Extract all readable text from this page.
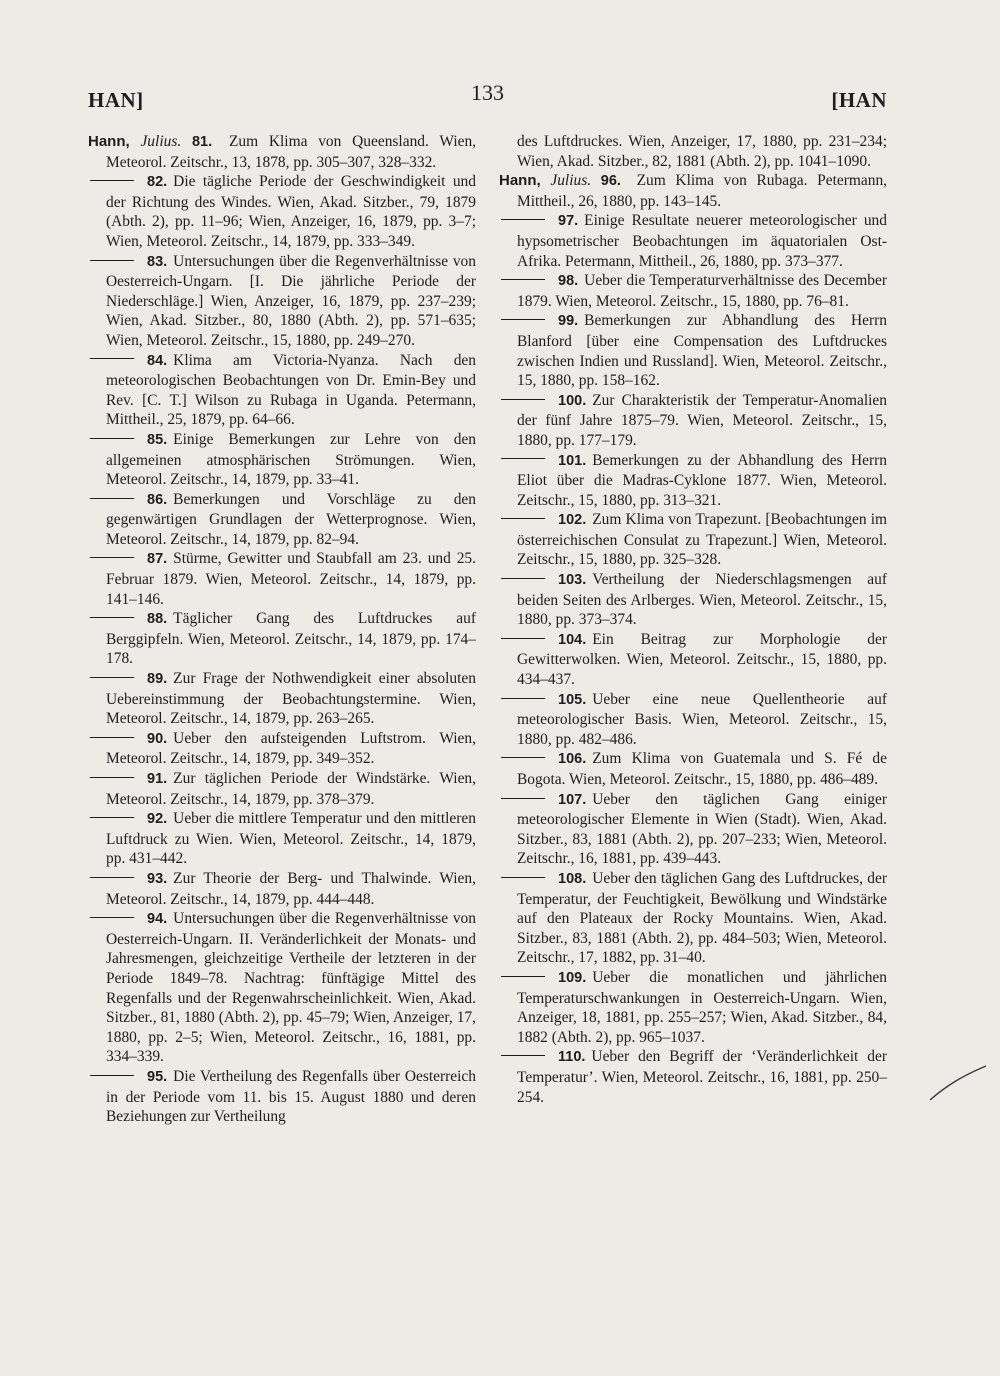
HAN]	133	[HAN

Hann, Julius. 81. Zum Klima von Queensland. Wien, Meteorol. Zeitschr., 13, 1878, pp. 305–307, 328–332.

82. Die tägliche Periode der Geschwindigkeit und der Richtung des Windes. Wien, Akad. Sitzber., 79, 1879 (Abth. 2), pp. 11–96; Wien, Anzeiger, 16, 1879, pp. 3–7; Wien, Meteorol. Zeitschr., 14, 1879, pp. 333–349.

83. Untersuchungen über die Regenverhältnisse von Oesterreich-Ungarn. [I. Die jährliche Periode der Niederschläge.] Wien, Anzeiger, 16, 1879, pp. 237–239; Wien, Akad. Sitzber., 80, 1880 (Abth. 2), pp. 571–635; Wien, Meteorol. Zeitschr., 15, 1880, pp. 249–270.

84. Klima am Victoria-Nyanza. Nach den meteorologischen Beobachtungen von Dr. Emin-Bey und Rev. [C. T.] Wilson zu Rubaga in Uganda. Petermann, Mittheil., 25, 1879, pp. 64–66.

85. Einige Bemerkungen zur Lehre von den allgemeinen atmosphärischen Strömungen. Wien, Meteorol. Zeitschr., 14, 1879, pp. 33–41.

86. Bemerkungen und Vorschläge zu den gegenwärtigen Grundlagen der Wetterprognose. Wien, Meteorol. Zeitschr., 14, 1879, pp. 82–94.

87. Stürme, Gewitter und Staubfall am 23. und 25. Februar 1879. Wien, Meteorol. Zeitschr., 14, 1879, pp. 141–146.

88. Täglicher Gang des Luftdruckes auf Berggipfeln. Wien, Meteorol. Zeitschr., 14, 1879, pp. 174–178.

89. Zur Frage der Nothwendigkeit einer absoluten Uebereinstimmung der Beobachtungstermine. Wien, Meteorol. Zeitschr., 14, 1879, pp. 263–265.

90. Ueber den aufsteigenden Luftstrom. Wien, Meteorol. Zeitschr., 14, 1879, pp. 349–352.

91. Zur täglichen Periode der Windstärke. Wien, Meteorol. Zeitschr., 14, 1879, pp. 378–379.

92. Ueber die mittlere Temperatur und den mittleren Luftdruck zu Wien. Wien, Meteorol. Zeitschr., 14, 1879, pp. 431–442.

93. Zur Theorie der Berg- und Thalwinde. Wien, Meteorol. Zeitschr., 14, 1879, pp. 444–448.

94. Untersuchungen über die Regenverhältnisse von Oesterreich-Ungarn. II. Veränderlichkeit der Monats- und Jahresmengen, gleichzeitige Vertheile der letzteren in der Periode 1849–78. Nachtrag: fünftägige Mittel des Regenfalls und der Regenwahrscheinlichkeit. Wien, Akad. Sitzber., 81, 1880 (Abth. 2), pp. 45–79; Wien, Anzeiger, 17, 1880, pp. 2–5; Wien, Meteorol. Zeitschr., 16, 1881, pp. 334–339.

95. Die Vertheilung des Regenfalls über Oesterreich in der Periode vom 11. bis 15. August 1880 und deren Beziehungen zur Vertheilung

des Luftdruckes. Wien, Anzeiger, 17, 1880, pp. 231–234; Wien, Akad. Sitzber., 82, 1881 (Abth. 2), pp. 1041–1090.

Hann, Julius. 96. Zum Klima von Rubaga. Petermann, Mittheil., 26, 1880, pp. 143–145.

97. Einige Resultate neuerer meteorologischer und hypsometrischer Beobachtungen im äquatorialen Ost-Afrika. Petermann, Mittheil., 26, 1880, pp. 373–377.

98. Ueber die Temperaturverhältnisse des December 1879. Wien, Meteorol. Zeitschr., 15, 1880, pp. 76–81.

99. Bemerkungen zur Abhandlung des Herrn Blanford [über eine Compensation des Luftdruckes zwischen Indien und Russland]. Wien, Meteorol. Zeitschr., 15, 1880, pp. 158–162.

100. Zur Charakteristik der Temperatur-Anomalien der fünf Jahre 1875–79. Wien, Meteorol. Zeitschr., 15, 1880, pp. 177–179.

101. Bemerkungen zu der Abhandlung des Herrn Eliot über die Madras-Cyklone 1877. Wien, Meteorol. Zeitschr., 15, 1880, pp. 313–321.

102. Zum Klima von Trapezunt. [Beobachtungen im österreichischen Consulat zu Trapezunt.] Wien, Meteorol. Zeitschr., 15, 1880, pp. 325–328.

103. Vertheilung der Niederschlagsmengen auf beiden Seiten des Arlberges. Wien, Meteorol. Zeitschr., 15, 1880, pp. 373–374.

104. Ein Beitrag zur Morphologie der Gewitterwolken. Wien, Meteorol. Zeitschr., 15, 1880, pp. 434–437.

105. Ueber eine neue Quellentheorie auf meteorologischer Basis. Wien, Meteorol. Zeitschr., 15, 1880, pp. 482–486.

106. Zum Klima von Guatemala und S. Fé de Bogota. Wien, Meteorol. Zeitschr., 15, 1880, pp. 486–489.

107. Ueber den täglichen Gang einiger meteorologischer Elemente in Wien (Stadt). Wien, Akad. Sitzber., 83, 1881 (Abth. 2), pp. 207–233; Wien, Meteorol. Zeitschr., 16, 1881, pp. 439–443.

108. Ueber den täglichen Gang des Luftdruckes, der Temperatur, der Feuchtigkeit, Bewölkung und Windstärke auf den Plateaux der Rocky Mountains. Wien, Akad. Sitzber., 83, 1881 (Abth. 2), pp. 484–503; Wien, Meteorol. Zeitschr., 17, 1882, pp. 31–40.

109. Ueber die monatlichen und jährlichen Temperaturschwankungen in Oesterreich-Ungarn. Wien, Anzeiger, 18, 1881, pp. 255–257; Wien, Akad. Sitzber., 84, 1882 (Abth. 2), pp. 965–1037.

110. Ueber den Begriff der ‘Veränderlichkeit der Temperatur’. Wien, Meteorol. Zeitschr., 16, 1881, pp. 250–254.
